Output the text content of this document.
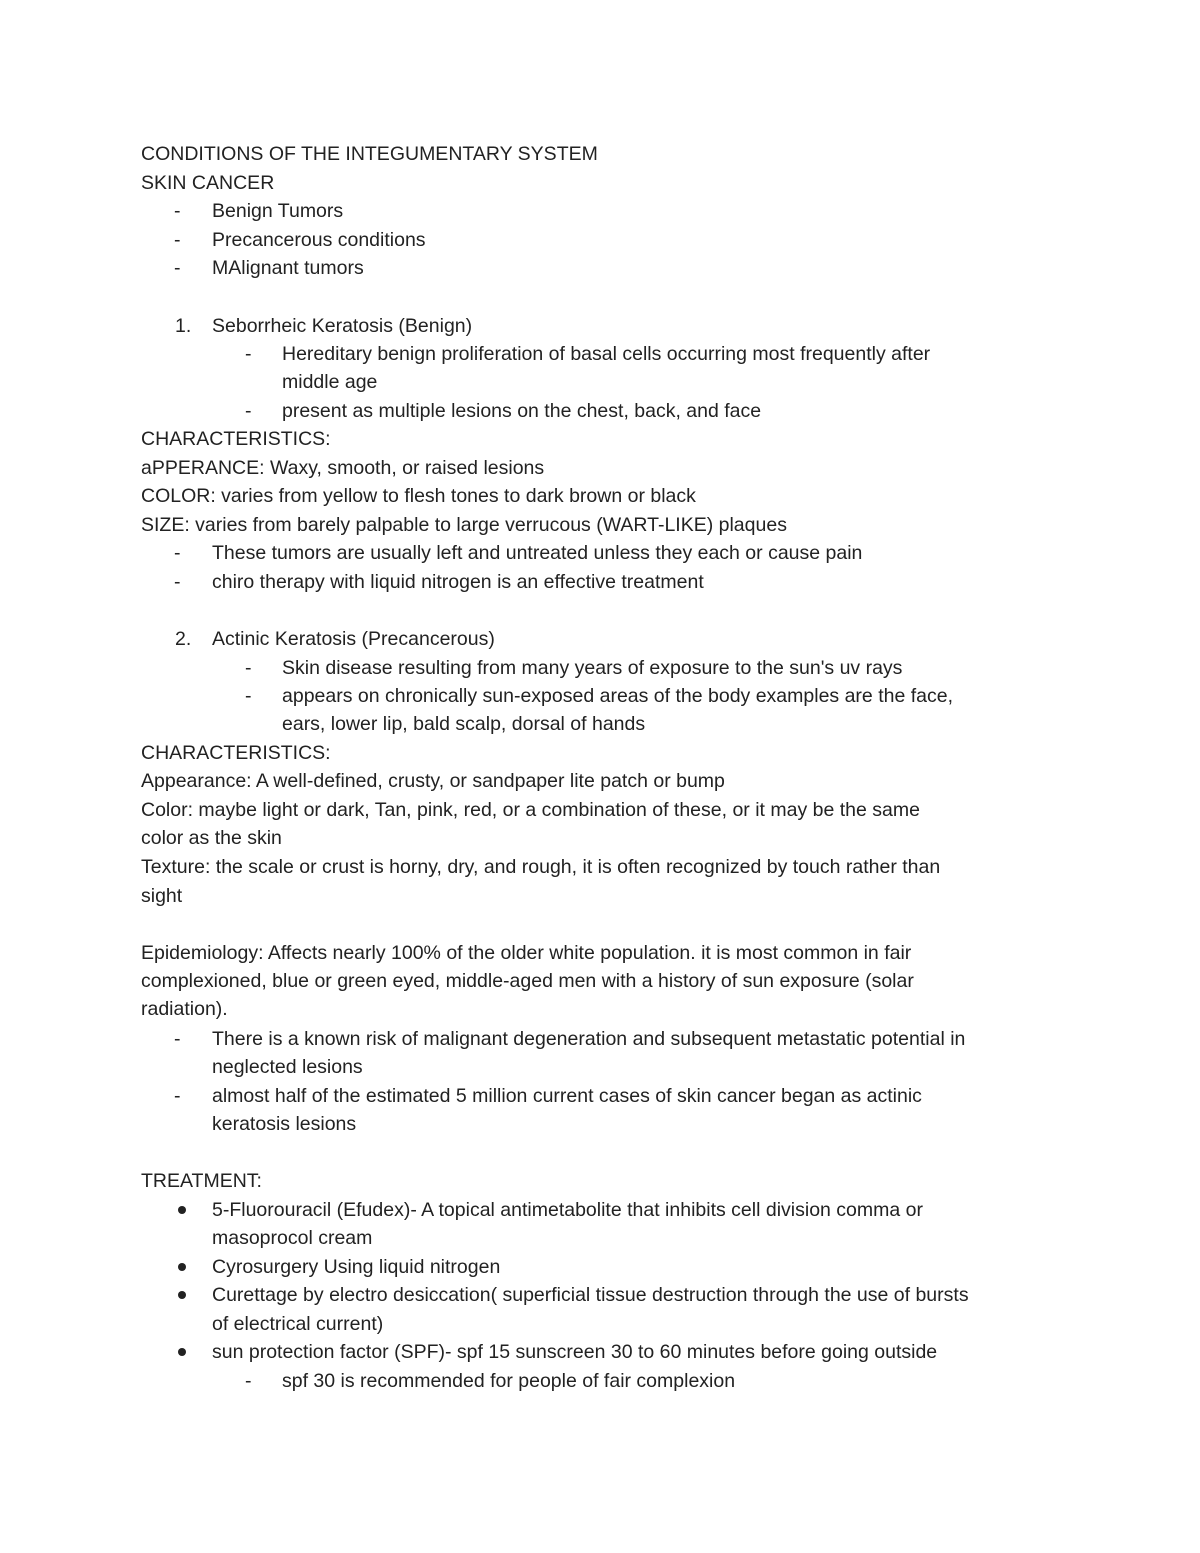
CONDITIONS OF THE INTEGUMENTARY SYSTEM
SKIN CANCER
- Benign Tumors
- Precancerous conditions
- MAlignant tumors
1. Seborrheic Keratosis (Benign)
- Hereditary benign proliferation of basal cells occurring most frequently after
middle age
- present as multiple lesions on the chest, back, and face
CHARACTERISTICS:
aPPERANCE: Waxy, smooth, or raised lesions
COLOR: varies from yellow to flesh tones to dark brown or black
SIZE: varies from barely palpable to large verrucous (WART-LIKE) plaques
- These tumors are usually left and untreated unless they each or cause pain
- chiro therapy with liquid nitrogen is an effective treatment
2. Actinic Keratosis (Precancerous)
- Skin disease resulting from many years of exposure to the sun's uv rays
- appears on chronically sun-exposed areas of the body examples are the face,
ears, lower lip, bald scalp, dorsal of hands
CHARACTERISTICS:
Appearance: A well-defined, crusty, or sandpaper lite patch or bump
Color: maybe light or dark, Tan, pink, red, or a combination of these, or it may be the same
color as the skin
Texture: the scale or crust is horny, dry, and rough, it is often recognized by touch rather than
sight
Epidemiology: Affects nearly 100% of the older white population. it is most common in fair
complexioned, blue or green eyed, middle-aged men with a history of sun exposure (solar
radiation).
- There is a known risk of malignant degeneration and subsequent metastatic potential in
neglected lesions
- almost half of the estimated 5 million current cases of skin cancer began as actinic
keratosis lesions
TREATMENT:
5-Fluorouracil (Efudex)- A topical antimetabolite that inhibits cell division comma or
masoprocol cream
Cyrosurgery Using liquid nitrogen
Curettage by electro desiccation( superficial tissue destruction through the use of bursts
of electrical current)
sun protection factor (SPF)- spf 15 sunscreen 30 to 60 minutes before going outside
- spf 30 is recommended for people of fair complexion
